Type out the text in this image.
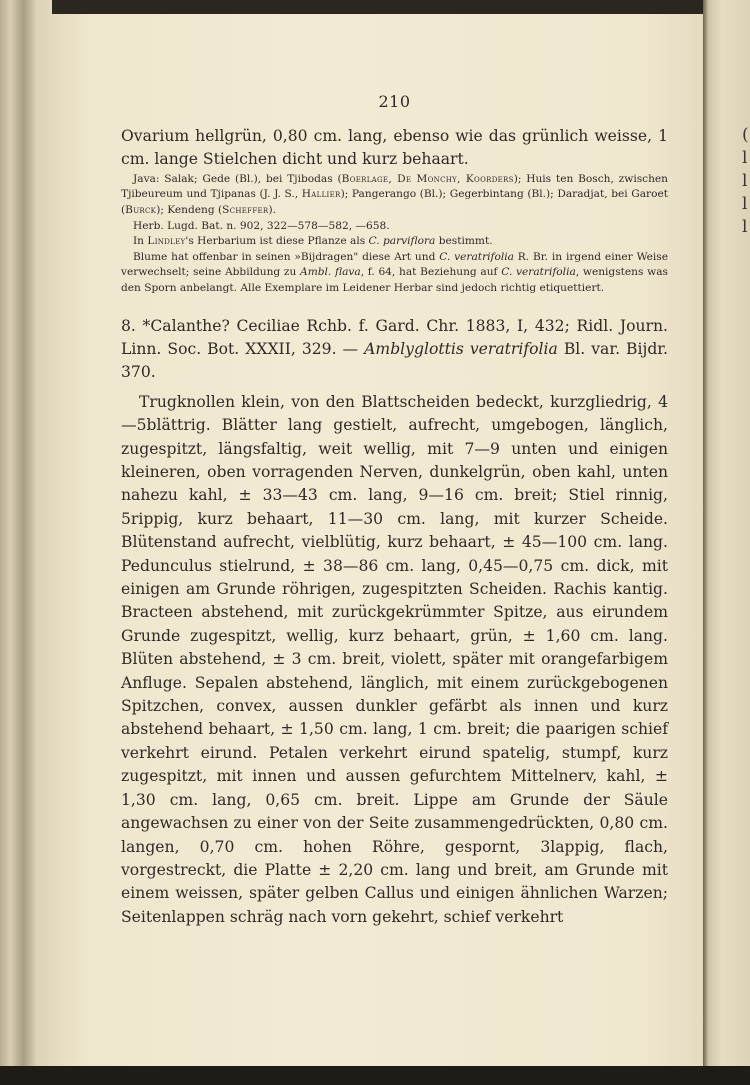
(
l
l
l
l
210

Ovarium hellgrün, 0,80 cm. lang, ebenso wie das grünlich weisse, 1 cm. lange Stielchen dicht und kurz behaart.

Java: Salak; Gede (Bl.), bei Tjibodas (Boerlage, De Monchy, Koorders); Huis ten Bosch, zwischen Tjibeureum und Tjipanas (J. J. S., Hallier); Pangerango (Bl.); Gegerbintang (Bl.); Daradjat, bei Garoet (Burck); Kendeng (Scheffer).

Herb. Lugd. Bat. n. 902, 322—578—582, —658.

In Lindley's Herbarium ist diese Pflanze als C. parviflora bestimmt.

Blume hat offenbar in seinen »Bijdragen" diese Art und C. veratrifolia R. Br. in irgend einer Weise verwechselt; seine Abbildung zu Ambl. flava, f. 64, hat Beziehung auf C. veratrifolia, wenigstens was den Sporn anbelangt. Alle Exemplare im Leidener Herbar sind jedoch richtig etiquettiert.

8. *Calanthe? Ceciliae Rchb. f. Gard. Chr. 1883, I, 432; Ridl. Journ. Linn. Soc. Bot. XXXII, 329. — Amblyglottis veratrifolia Bl. var. Bijdr. 370.

Trugknollen klein, von den Blattscheiden bedeckt, kurzgliedrig, 4—5blättrig. Blätter lang gestielt, aufrecht, umgebogen, länglich, zugespitzt, längsfaltig, weit wellig, mit 7—9 unten und einigen kleineren, oben vorragenden Nerven, dunkelgrün, oben kahl, unten nahezu kahl, ± 33—43 cm. lang, 9—16 cm. breit; Stiel rinnig, 5rippig, kurz behaart, 11—30 cm. lang, mit kurzer Scheide. Blütenstand aufrecht, vielblütig, kurz behaart, ± 45—100 cm. lang. Pedunculus stielrund, ± 38—86 cm. lang, 0,45—0,75 cm. dick, mit einigen am Grunde röhrigen, zugespitzten Scheiden. Rachis kantig. Bracteen abstehend, mit zurückgekrümmter Spitze, aus eirundem Grunde zugespitzt, wellig, kurz behaart, grün, ± 1,60 cm. lang. Blüten abstehend, ± 3 cm. breit, violett, später mit orangefarbigem Anfluge. Sepalen abstehend, länglich, mit einem zurückgebogenen Spitzchen, convex, aussen dunkler gefärbt als innen und kurz abstehend behaart, ± 1,50 cm. lang, 1 cm. breit; die paarigen schief verkehrt eirund. Petalen verkehrt eirund spatelig, stumpf, kurz zugespitzt, mit innen und aussen gefurchtem Mittelnerv, kahl, ± 1,30 cm. lang, 0,65 cm. breit. Lippe am Grunde der Säule angewachsen zu einer von der Seite zusammengedrückten, 0,80 cm. langen, 0,70 cm. hohen Röhre, gespornt, 3lappig, flach, vorgestreckt, die Platte ± 2,20 cm. lang und breit, am Grunde mit einem weissen, später gelben Callus und einigen ähnlichen Warzen; Seitenlappen schräg nach vorn gekehrt, schief verkehrt
